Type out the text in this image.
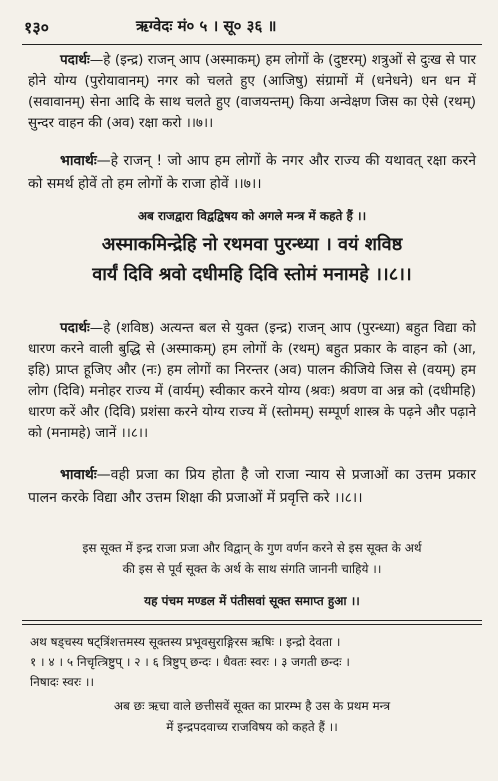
१३०	ऋग्वेदः मं० ५ । सू० ३६ ॥
पदार्थः—हे (इन्द्र) राजन् आप (अस्माकम्) हम लोगों के (दुष्टरम्) शत्रुओं से दुःख से पार होने योग्य (पुरोयावानम्) नगर को चलते हुए (आजिषु) संग्रामों में (धनेधने) धन धन में (सवावानम्) सेना आदि के साथ चलते हुए (वाजयन्तम्) किया अन्वेक्षण जिस का ऐसे (रथम्) सुन्दर वाहन की (अव) रक्षा करो ।।७।।
भावार्थः—हे राजन् ! जो आप हम लोगों के नगर और राज्य की यथावत् रक्षा करने को समर्थ होवें तो हम लोगों के राजा होवें ।।७।।
अब राजद्वारा विद्वद्विषय को अगले मन्त्र में कहते हैं ।।
अस्माकमिन्द्रेहि नो रथमवा पुरन्ध्या । वयं शविष्ठ
वार्यं दिवि श्रवो दधीमहि दिवि स्तोमं मनामहे ।।८।।
पदार्थः—हे (शविष्ठ) अत्यन्त बल से युक्त (इन्द्र) राजन् आप (पुरन्ध्या) बहुत विद्या को धारण करने वाली बुद्धि से (अस्माकम्) हम लोगों के (रथम्) बहुत प्रकार के वाहन को (आ, इहि) प्राप्त हूजिए और (नः) हम लोगों का निरन्तर (अव) पालन कीजिये जिस से (वयम्) हम लोग (दिवि) मनोहर राज्य में (वार्यम्) स्वीकार करने योग्य (श्रवः) श्रवण वा अन्न को (दधीमहि) धारण करें और (दिवि) प्रशंसा करने योग्य राज्य में (स्तोमम्) सम्पूर्ण शास्त्र के पढ़ने और पढ़ाने को (मनामहे) जानें ।।८।।
भावार्थः—वही प्रजा का प्रिय होता है जो राजा न्याय से प्रजाओं का उत्तम प्रकार पालन करके विद्या और उत्तम शिक्षा की प्रजाओं में प्रवृत्ति करे ।।८।।
इस सूक्त में इन्द्र राजा प्रजा और विद्वान् के गुण वर्णन करने से इस सूक्त के अर्थ
की इस से पूर्व सूक्त के अर्थ के साथ संगति जाननी चाहिये ।।
यह पंचम मण्डल में पंतीसवां सूक्त समाप्त हुआ ।।
अथ षड्चस्य षट्त्रिंशत्तमस्य सूक्तस्य प्रभूवसुराङ्गिरस ऋषिः । इन्द्रो देवता ।
१ । ४ । ५ निचृत्त्रिष्टुप् । २ । ६ त्रिष्टुप् छन्दः । धैवतः स्वरः । ३ जगती छन्दः ।
निषादः स्वरः ।।
अब छः ऋचा वाले छत्तीसवें सूक्त का प्रारम्भ है उस के प्रथम मन्त्र
में इन्द्रपदवाच्य राजविषय को कहते हैं ।।
